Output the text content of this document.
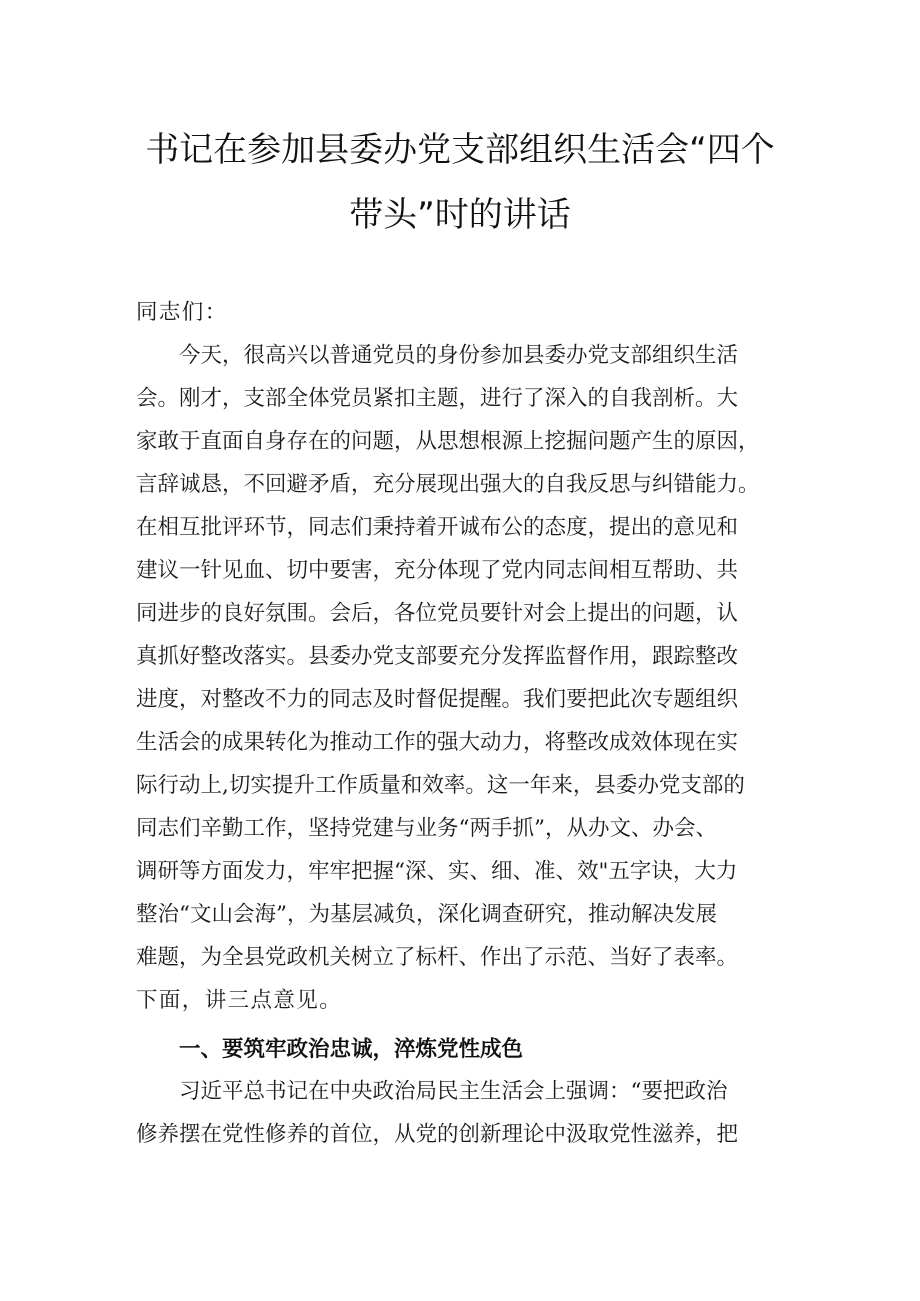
书记在参加县委办党支部组织生活会“四个
带头”时的讲话
同志们：
今天，很高兴以普通党员的身份参加县委办党支部组织生活
会。刚才，支部全体党员紧扣主题，进行了深入的自我剖析。大
家敢于直面自身存在的问题，从思想根源上挖掘问题产生的原因，
言辞诚恳，不回避矛盾，充分展现出强大的自我反思与纠错能力。
在相互批评环节，同志们秉持着开诚布公的态度，提出的意见和
建议一针见血、切中要害，充分体现了党内同志间相互帮助、共
同进步的良好氛围。会后，各位党员要针对会上提出的问题，认
真抓好整改落实。县委办党支部要充分发挥监督作用，跟踪整改
进度，对整改不力的同志及时督促提醒。我们要把此次专题组织
生活会的成果转化为推动工作的强大动力，将整改成效体现在实
际行动上,切实提升工作质量和效率。这一年来，县委办党支部的
同志们辛勤工作，坚持党建与业务“两手抓”，从办文、办会、
调研等方面发力，牢牢把握“深、实、细、准、效"五字诀，大力
整治“文山会海”，为基层减负，深化调查研究，推动解决发展
难题，为全县党政机关树立了标杆、作出了示范、当好了表率。
下面，讲三点意见。
一、要筑牢政治忠诚，淬炼党性成色
习近平总书记在中央政治局民主生活会上强调：“要把政治
修养摆在党性修养的首位，从党的创新理论中汲取党性滋养，把
